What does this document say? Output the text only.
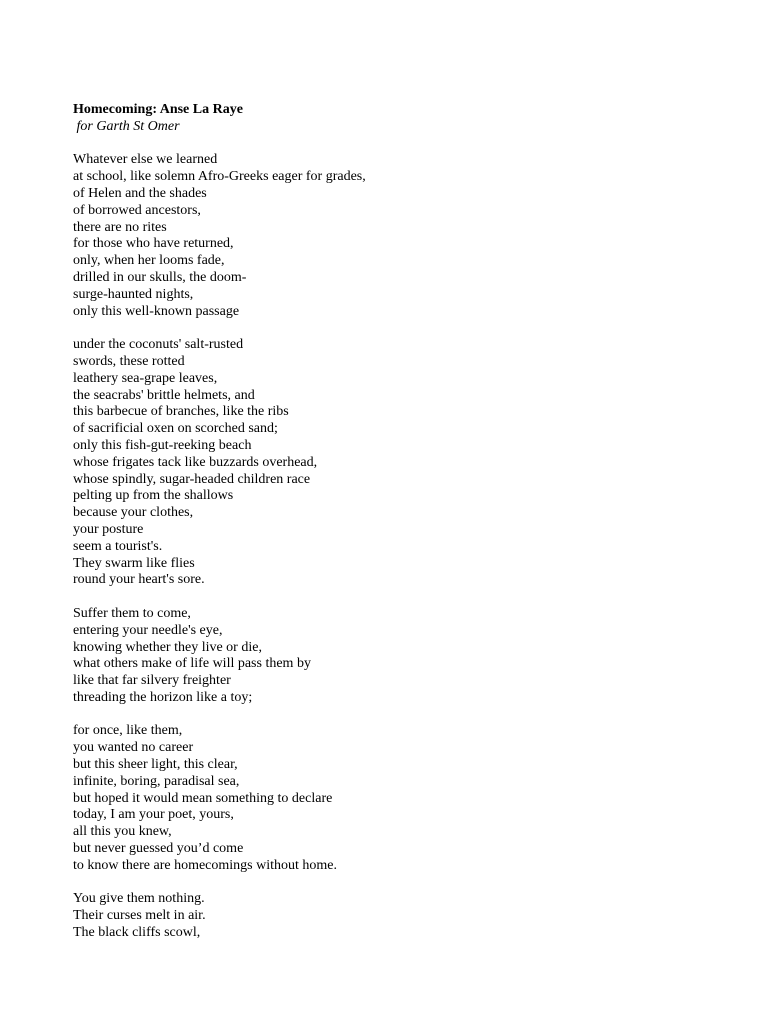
Homecoming: Anse La Raye

for Garth St Omer

Whatever else we learned
at school, like solemn Afro-Greeks eager for grades,
of Helen and the shades
of borrowed ancestors,
there are no rites
for those who have returned,
only, when her looms fade,
drilled in our skulls, the doom-
surge-haunted nights,
only this well-known passage
under the coconuts' salt-rusted
swords, these rotted
leathery sea-grape leaves,
the seacrabs' brittle helmets, and
this barbecue of branches, like the ribs
of sacrificial oxen on scorched sand;
only this fish-gut-reeking beach
whose frigates tack like buzzards overhead,
whose spindly, sugar-headed children race
pelting up from the shallows
because your clothes,
your posture
seem a tourist's.
They swarm like flies
round your heart's sore.
Suffer them to come,
entering your needle's eye,
knowing whether they live or die,
what others make of life will pass them by
like that far silvery freighter
threading the horizon like a toy;
for once, like them,
you wanted no career
but this sheer light, this clear,
infinite, boring, paradisal sea,
but hoped it would mean something to declare
today, I am your poet, yours,
all this you knew,
but never guessed you’d come
to know there are homecomings without home.
You give them nothing.
Their curses melt in air.
The black cliffs scowl,
